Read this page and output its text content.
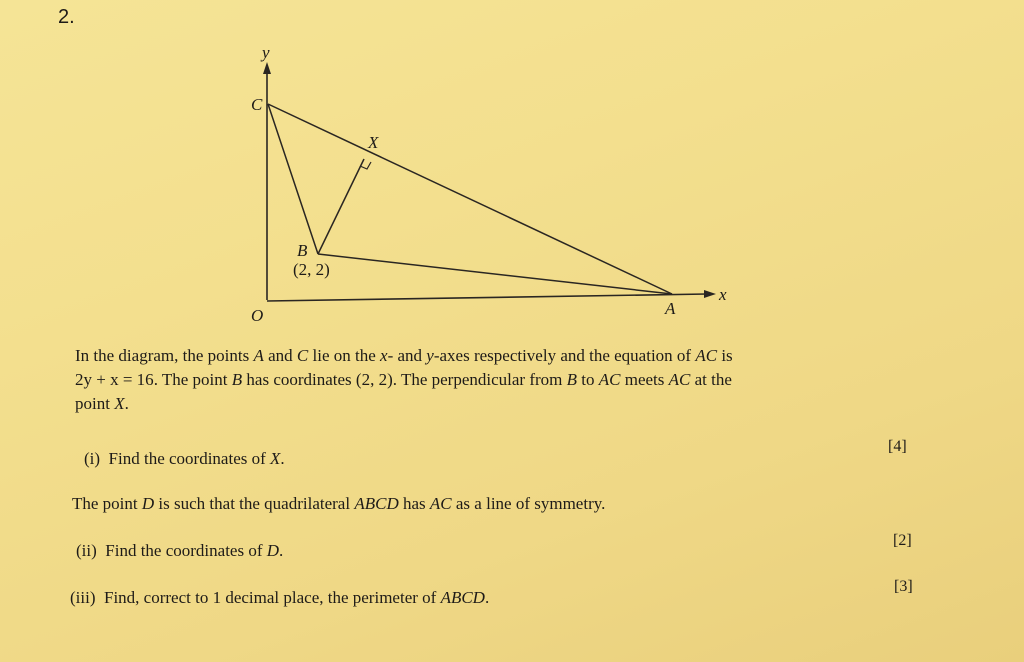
2.
y
x
O
C
X
B
(2, 2)
A
In the diagram, the points A and C lie on the x- and y-axes respectively and the equation of AC is
2y + x = 16. The point B has coordinates (2, 2). The perpendicular from B to AC meets AC at the
point X.
(i) Find the coordinates of X.
[4]
The point D is such that the quadrilateral ABCD has AC as a line of symmetry.
(ii) Find the coordinates of D.
[2]
(iii) Find, correct to 1 decimal place, the perimeter of ABCD.
[3]
